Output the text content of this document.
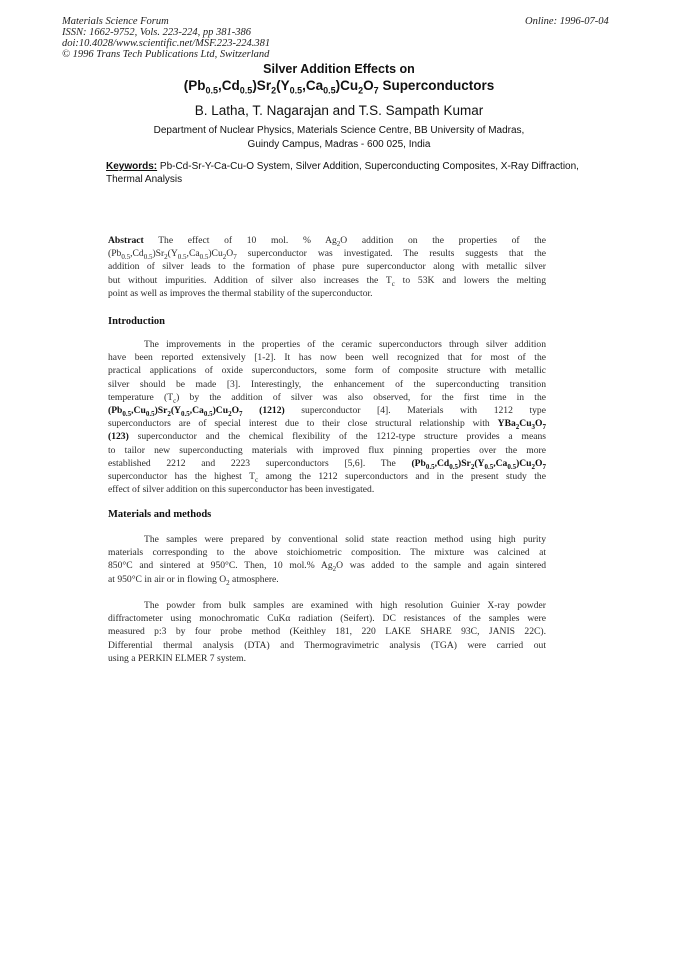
Materials Science Forum
ISSN: 1662-9752, Vols. 223-224, pp 381-386
doi:10.4028/www.scientific.net/MSF.223-224.381
© 1996 Trans Tech Publications Ltd, Switzerland
Online: 1996-07-04
Silver Addition Effects on
$(Pb_{0.5},Cd_{0.5})Sr_2(Y_{0.5},Ca_{0.5})Cu_2O_7$ Superconductors
B. Latha, T. Nagarajan and T.S. Sampath Kumar
Department of Nuclear Physics, Materials Science Centre, BB University of Madras,
Guindy Campus, Madras - 600 025, India
Keywords: Pb-Cd-Sr-Y-Ca-Cu-O System, Silver Addition, Superconducting Composites, X-Ray Diffraction, Thermal Analysis
Abstract The effect of 10 mol. % $Ag_2O$ addition on the properties of the
$(Pb_{0.5},Cd_{0.5})Sr_2(Y_{0.5},Ca_{0.5})Cu_2O_7$ superconductor was investigated. The results suggests that the
addition of silver leads to the formation of phase pure superconductor along with metallic silver
but without impurities. Addition of silver also increases the $T_c$ to 53K and lowers the melting
point as well as improves the thermal stability of the superconductor.
Introduction
The improvements in the properties of the ceramic superconductors through silver addition
have been reported extensively [1-2]. It has now been well recognized that for most of the
practical applications of oxide superconductors, some form of composite structure with metallic
silver should be made [3]. Interestingly, the enhancement of the superconducting transition
temperature $(T_c)$ by the addition of silver was also observed, for the first time in the
$(Pb_{0.5},Cu_{0.5})Sr_2(Y_{0.5},Ca_{0.5})Cu_2O_7$ (1212) superconductor [4]. Materials with 1212 type
superconductors are of special interest due to their close structural relationship with $YBa_2Cu_3O_7$
(123) superconductor and the chemical flexibility of the 1212-type structure provides a means
to tailor new superconducting materials with improved flux pinning properties over the more
established 2212 and 2223 superconductors [5,6]. The $(Pb_{0.5},Cd_{0.5})Sr_2(Y_{0.5},Ca_{0.5})Cu_2O_7$
superconductor has the highest $T_c$ among the 1212 superconductors and in the present study the
effect of silver addition on this superconductor has been investigated.
Materials and methods
The samples were prepared by conventional solid state reaction method using high purity
materials corresponding to the above stoichiometric composition. The mixture was calcined at
850°C and sintered at 950°C. Then, 10 mol.% $Ag_2O$ was added to the sample and again sintered
at 950°C in air or in flowing $O_2$ atmosphere.
The powder from bulk samples are examined with high resolution Guinier X-ray powder
diffractometer using monochromatic CuKα radiation (Seifert). DC resistances of the samples were
measured p:3 by four probe method (Keithley 181, 220 LAKE SHARE 93C, JANIS 22C).
Differential thermal analysis (DTA) and Thermogravimetric analysis (TGA) were carried out
using a PERKIN ELMER 7 system.
